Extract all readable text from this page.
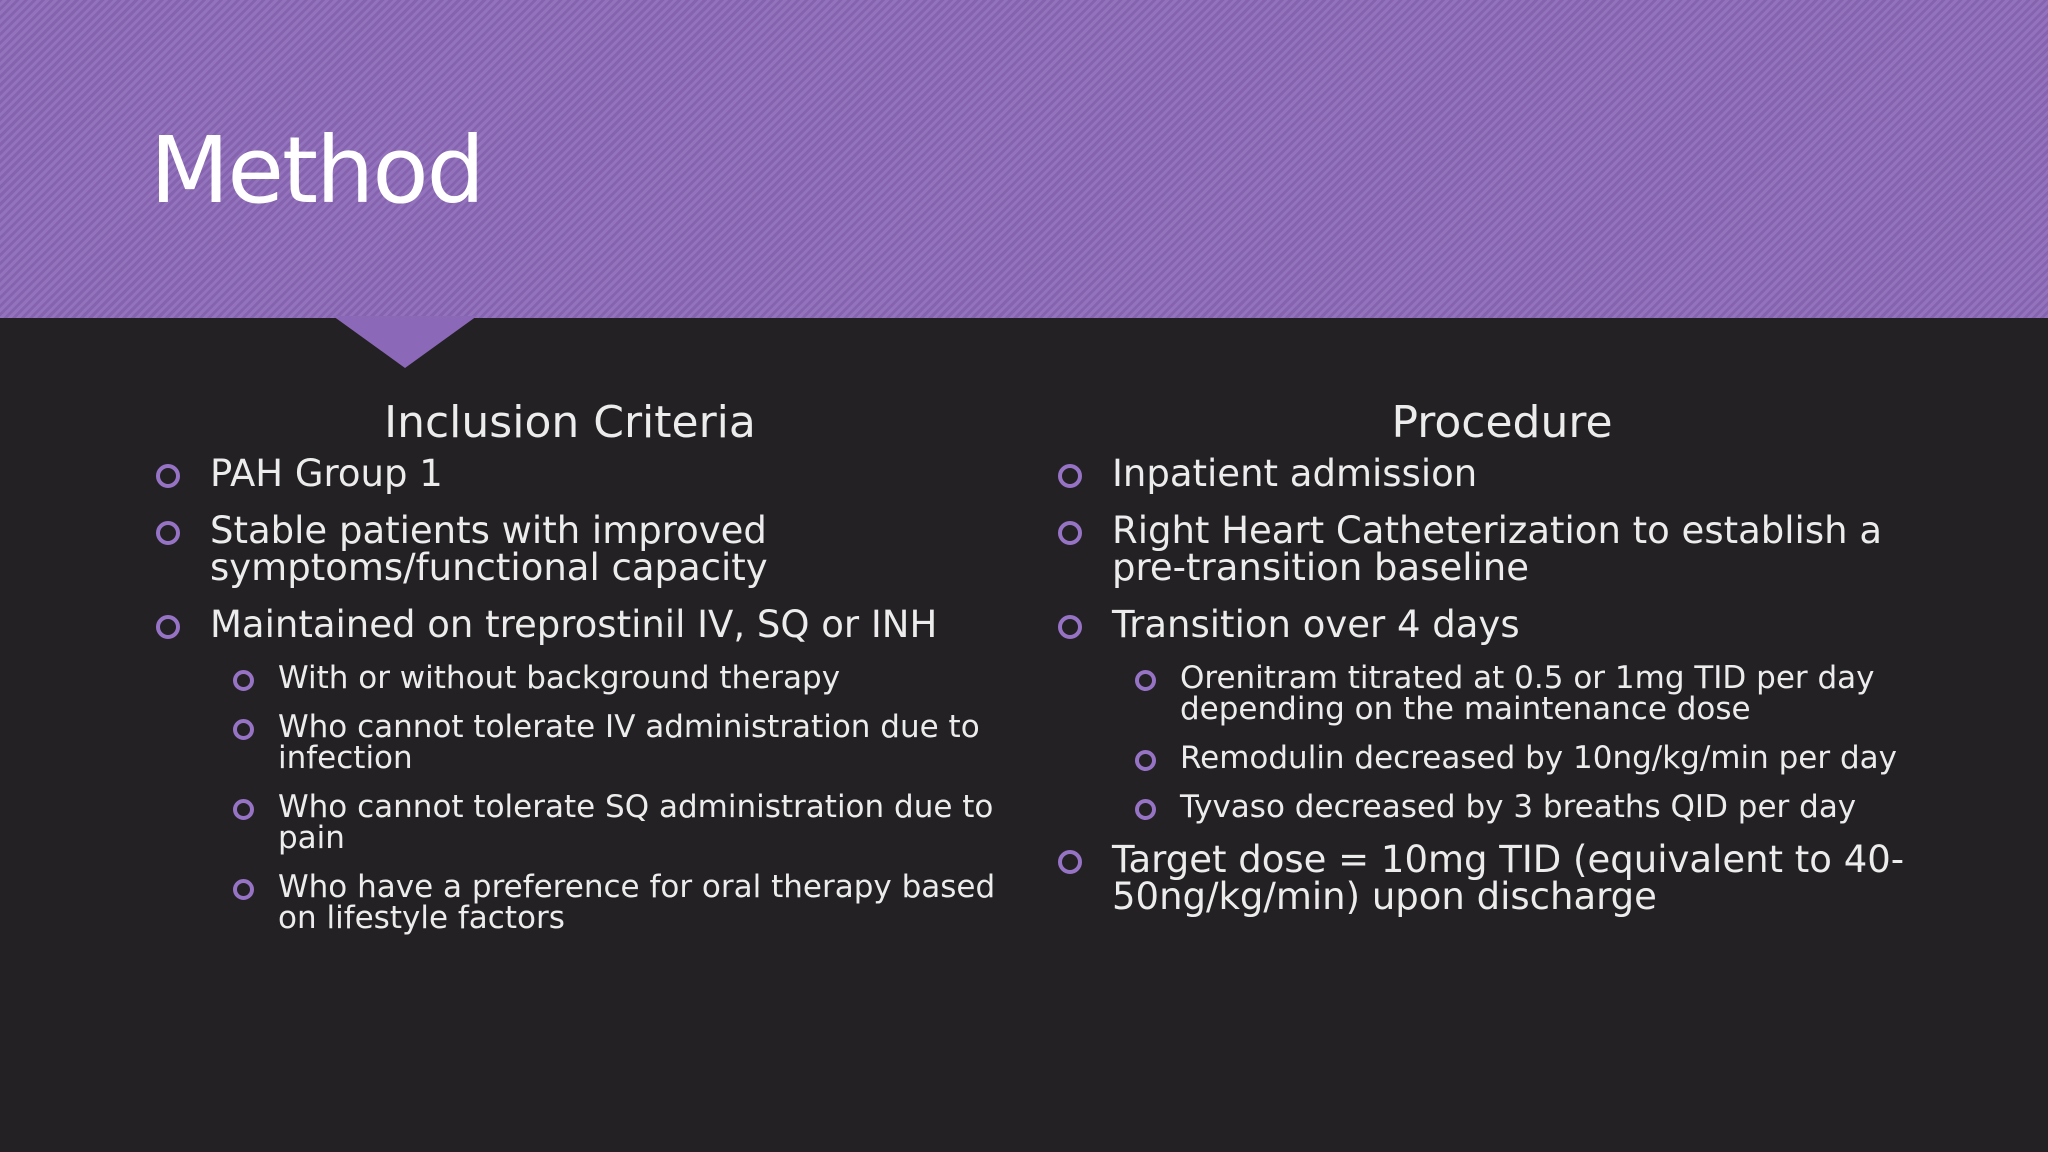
Method
Inclusion Criteria
PAH Group 1
Stable patients with improved symptoms/functional capacity
Maintained on treprostinil IV, SQ or INH
With or without background therapy
Who cannot tolerate IV administration due to infection
Who cannot tolerate SQ administration due to pain
Who have a preference for oral therapy based on lifestyle factors
Procedure
Inpatient admission
Right Heart Catheterization to establish a pre-transition baseline
Transition over 4 days
Orenitram titrated at 0.5 or 1mg TID per day depending on the maintenance dose
Remodulin decreased by 10ng/kg/min per day
Tyvaso decreased by 3 breaths QID per day
Target dose = 10mg TID (equivalent to 40-50ng/kg/min) upon discharge
